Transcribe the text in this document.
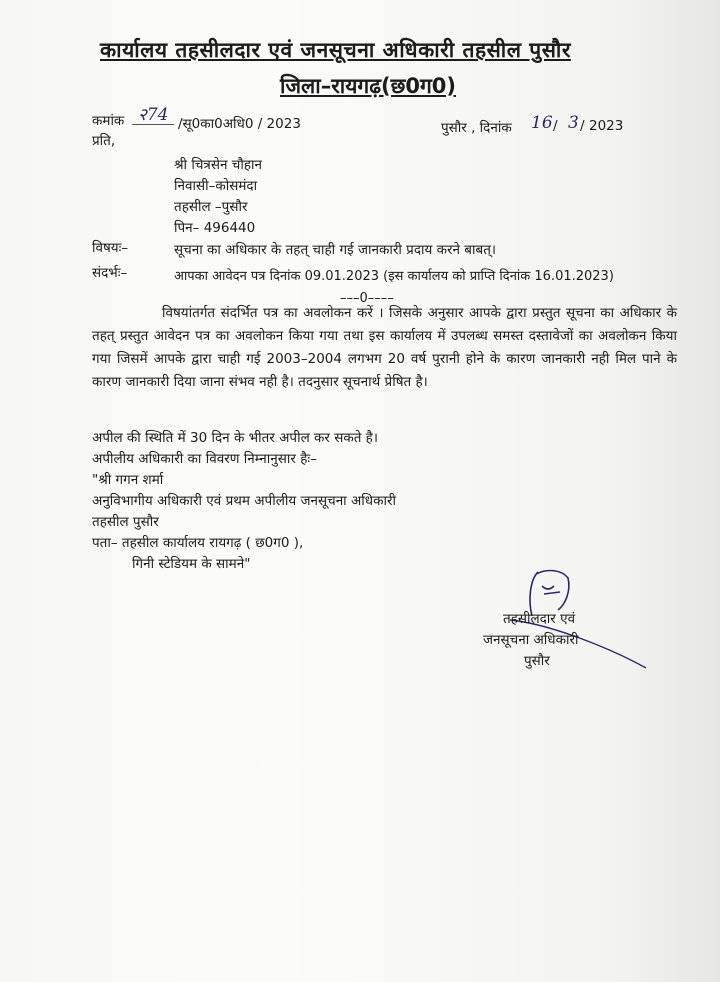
कार्यालय तहसीलदार एवं जनसूचना अधिकारी तहसील पुसौर
जिला–रायगढ़(छ0ग0)
कमांक २74 /सू0का0अधि0 / 2023	पुसौर , दिनांक 16 / 3 / 2023
प्रति,
श्री चित्रसेन चौहान
निवासी–कोसमंदा
तहसील –पुसौर
पिन– 496440
विषयः–	सूचना का अधिकार के तहत् चाही गई जानकारी प्रदाय करने बाबत्।
संदर्भः–	आपका आवेदन पत्र दिनांक 09.01.2023 (इस कार्यालय को प्राप्ति दिनांक 16.01.2023)
–––0––––
विषयांतर्गत संदर्भित पत्र का अवलोकन करें । जिसके अनुसार आपके द्वारा प्रस्तुत सूचना का अधिकार के तहत् प्रस्तुत आवेदन पत्र का अवलोकन किया गया तथा इस कार्यालय में उपलब्ध समस्त दस्तावेजों का अवलोकन किया गया जिसमें आपके द्वारा चाही गई 2003–2004 लगभग 20 वर्ष पुरानी होने के कारण जानकारी नही मिल पाने के कारण जानकारी दिया जाना संभव नही है। तदनुसार सूचनार्थ प्रेषित है।
अपील की स्थिति में 30 दिन के भीतर अपील कर सकते है।
अपीलीय अधिकारी का विवरण निम्नानुसार हैः–
"श्री गगन शर्मा
अनुविभागीय अधिकारी एवं प्रथम अपीलीय जनसूचना अधिकारी
तहसील पुसौर
पता– तहसील कार्यालय रायगढ़ ( छ0ग0 ),
गिनी स्टेडियम के सामने"
तहसीलदार एवं
जनसूचना अधिकारी
पुसौर
